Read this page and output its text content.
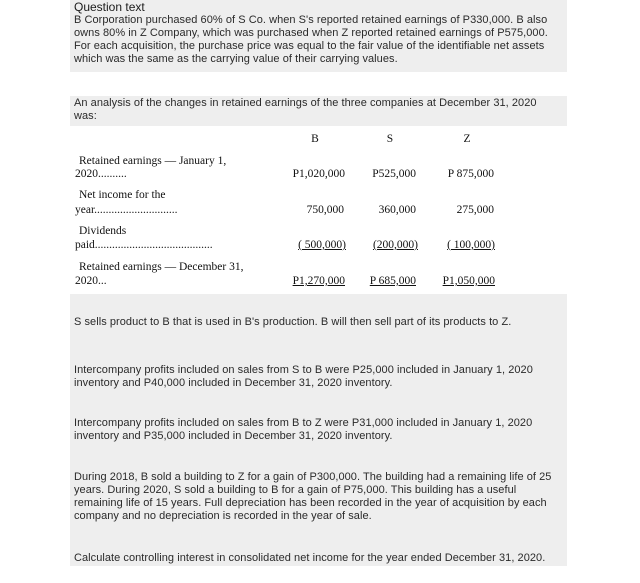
Question text
B Corporation purchased 60% of S Co. when S's reported retained earnings of P330,000. B also owns 80% in Z Company, which was purchased when Z reported retained earnings of P575,000. For each acquisition, the purchase price was equal to the fair value of the identifiable net assets which was the same as the carrying value of their carrying values.
An analysis of the changes in retained earnings of the three companies at December 31, 2020 was:
B	S	Z
Retained earnings — January 1,
2020..........	P1,020,000	P525,000	P 875,000
Net income for the
year.............................	750,000	360,000	275,000
Dividends
paid.........................................	( 500,000)	(200,000)	( 100,000)
Retained earnings — December 31,
2020...	P1,270,000	P 685,000	P1,050,000
S sells product to B that is used in B's production. B will then sell part of its products to Z.
Intercompany profits included on sales from S to B were P25,000 included in January 1, 2020 inventory and P40,000 included in December 31, 2020 inventory.
Intercompany profits included on sales from B to Z were P31,000 included in January 1, 2020 inventory and P35,000 included in December 31, 2020 inventory.
During 2018, B sold a building to Z for a gain of P300,000. The building had a remaining life of 25 years. During 2020, S sold a building to B for a gain of P75,000. This building has a useful remaining life of 15 years. Full depreciation has been recorded in the year of acquisition by each company and no depreciation is recorded in the year of sale.
Calculate controlling interest in consolidated net income for the year ended December 31, 2020.
